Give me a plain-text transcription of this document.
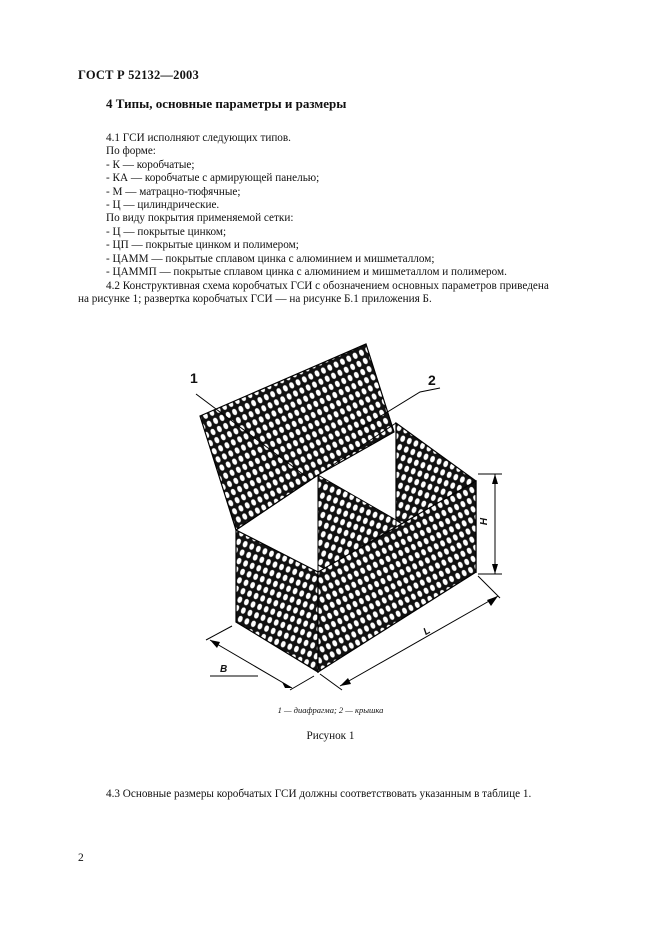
ГОСТ Р 52132—2003
4 Типы, основные параметры и размеры
4.1 ГСИ исполняют следующих типов.
По форме:
- К — коробчатые;
- КА — коробчатые с армирующей панелью;
- М — матрацно-тюфячные;
- Ц — цилиндрические.
По виду покрытия применяемой сетки:
- Ц — покрытые цинком;
- ЦП — покрытые цинком и полимером;
- ЦАММ — покрытые сплавом цинка с алюминием и мишметаллом;
- ЦАММП — покрытые сплавом цинка с алюминием и мишметаллом и полимером.
4.2 Конструктивная схема коробчатых ГСИ с обозначением основных параметров приведена
на рисунке 1; развертка коробчатых ГСИ — на рисунке Б.1 приложения Б.
1	2
H
L
B
1 — диафрагма; 2 — крышка
Рисунок 1
4.3 Основные размеры коробчатых ГСИ должны соответствовать указанным в таблице 1.
2
